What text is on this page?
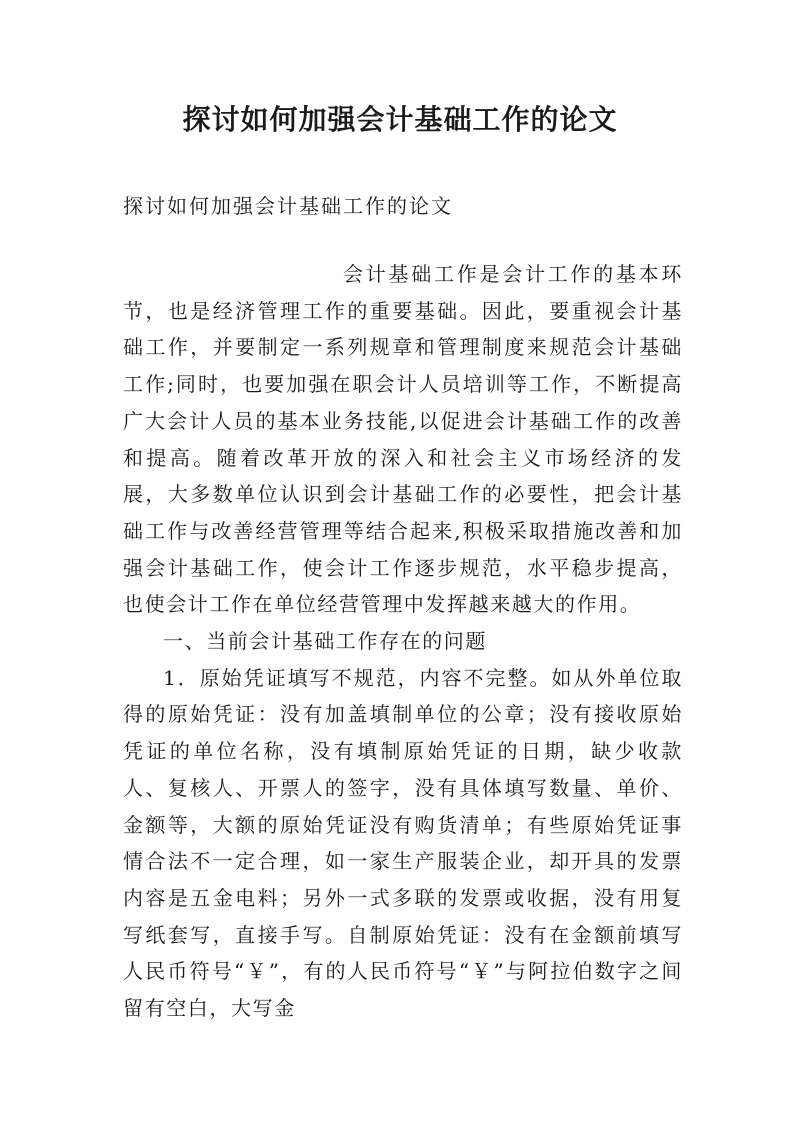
探讨如何加强会计基础工作的论文
探讨如何加强会计基础工作的论文

会计基础工作是会计工作的基本环节，也是经济管理工作的重要基础。因此，要重视会计基础工作，并要制定一系列规章和管理制度来规范会计基础工作;同时，也要加强在职会计人员培训等工作，不断提高广大会计人员的基本业务技能,以促进会计基础工作的改善和提高。随着改革开放的深入和社会主义市场经济的发展，大多数单位认识到会计基础工作的必要性，把会计基础工作与改善经营管理等结合起来,积极采取措施改善和加强会计基础工作，使会计工作逐步规范，水平稳步提高，也使会计工作在单位经营管理中发挥越来越大的作用。

一、当前会计基础工作存在的问题

1．原始凭证填写不规范，内容不完整。如从外单位取得的原始凭证：没有加盖填制单位的公章；没有接收原始凭证的单位名称，没有填制原始凭证的日期，缺少收款人、复核人、开票人的签字，没有具体填写数量、单价、金额等，大额的原始凭证没有购货清单；有些原始凭证事情合法不一定合理，如一家生产服装企业，却开具的发票内容是五金电料；另外一式多联的发票或收据，没有用复写纸套写，直接手写。自制原始凭证：没有在金额前填写人民币符号“￥”，有的人民币符号“￥”与阿拉伯数字之间留有空白，大写金
